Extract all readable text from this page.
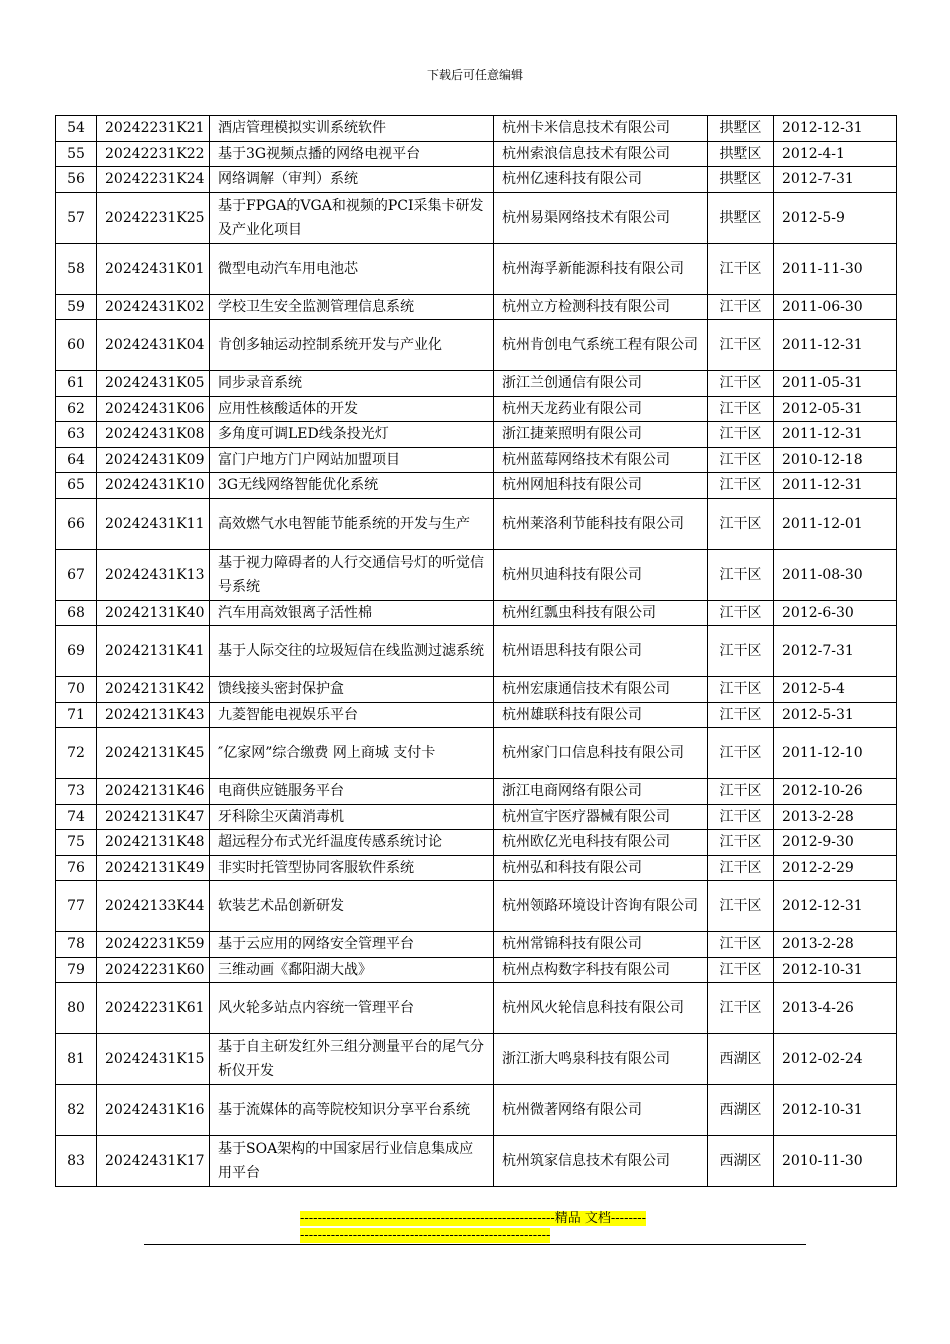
下载后可任意编辑
54	20242231K21	酒店管理模拟实训系统软件	杭州卡米信息技术有限公司	拱墅区	2012-12-31
55	20242231K22	基于3G视频点播的网络电视平台	杭州索浪信息技术有限公司	拱墅区	2012-4-1
56	20242231K24	网络调解（审判）系统	杭州亿速科技有限公司	拱墅区	2012-7-31
57	20242231K25	基于FPGA的VGA和视频的PCI采集卡研发及产业化项目	杭州易渠网络技术有限公司	拱墅区	2012-5-9
58	20242431K01	微型电动汽车用电池芯	杭州海孚新能源科技有限公司	江干区	2011-11-30
59	20242431K02	学校卫生安全监测管理信息系统	杭州立方检测科技有限公司	江干区	2011-06-30
60	20242431K04	肯创多轴运动控制系统开发与产业化	杭州肯创电气系统工程有限公司	江干区	2011-12-31
61	20242431K05	同步录音系统	浙江兰创通信有限公司	江干区	2011-05-31
62	20242431K06	应用性核酸适体的开发	杭州天龙药业有限公司	江干区	2012-05-31
63	20242431K08	多角度可调LED线条投光灯	浙江捷莱照明有限公司	江干区	2011-12-31
64	20242431K09	富门户地方门户网站加盟项目	杭州蓝莓网络技术有限公司	江干区	2010-12-18
65	20242431K10	3G无线网络智能优化系统	杭州网旭科技有限公司	江干区	2011-12-31
66	20242431K11	高效燃气水电智能节能系统的开发与生产	杭州莱洛利节能科技有限公司	江干区	2011-12-01
67	20242431K13	基于视力障碍者的人行交通信号灯的听觉信号系统	杭州贝迪科技有限公司	江干区	2011-08-30
68	20242131K40	汽车用高效银离子活性棉	杭州红瓢虫科技有限公司	江干区	2012-6-30
69	20242131K41	基于人际交往的垃圾短信在线监测过滤系统	杭州语思科技有限公司	江干区	2012-7-31
70	20242131K42	馈线接头密封保护盒	杭州宏康通信技术有限公司	江干区	2012-5-4
71	20242131K43	九菱智能电视娱乐平台	杭州雄联科技有限公司	江干区	2012-5-31
72	20242131K45	″亿家网”综合缴费 网上商城 支付卡	杭州家门口信息科技有限公司	江干区	2011-12-10
73	20242131K46	电商供应链服务平台	浙江电商网络有限公司	江干区	2012-10-26
74	20242131K47	牙科除尘灭菌消毒机	杭州宣宇医疗器械有限公司	江干区	2013-2-28
75	20242131K48	超远程分布式光纤温度传感系统讨论	杭州欧亿光电科技有限公司	江干区	2012-9-30
76	20242131K49	非实时托管型协同客服软件系统	杭州弘和科技有限公司	江干区	2012-2-29
77	20242133K44	软装艺术品创新研发	杭州领路环境设计咨询有限公司	江干区	2012-12-31
78	20242231K59	基于云应用的网络安全管理平台	杭州常锦科技有限公司	江干区	2013-2-28
79	20242231K60	三维动画《鄱阳湖大战》	杭州点构数字科技有限公司	江干区	2012-10-31
80	20242231K61	风火轮多站点内容统一管理平台	杭州风火轮信息科技有限公司	江干区	2013-4-26
81	20242431K15	基于自主研发红外三组分测量平台的尾气分析仪开发	浙江浙大鸣泉科技有限公司	西湖区	2012-02-24
82	20242431K16	基于流媒体的高等院校知识分享平台系统	杭州微著网络有限公司	西湖区	2012-10-31
83	20242431K17	基于SOA架构的中国家居行业信息集成应用平台	杭州筑家信息技术有限公司	西湖区	2010-11-30
----------------------------------------------------------精品 文档-----------------------------------------------------------------
